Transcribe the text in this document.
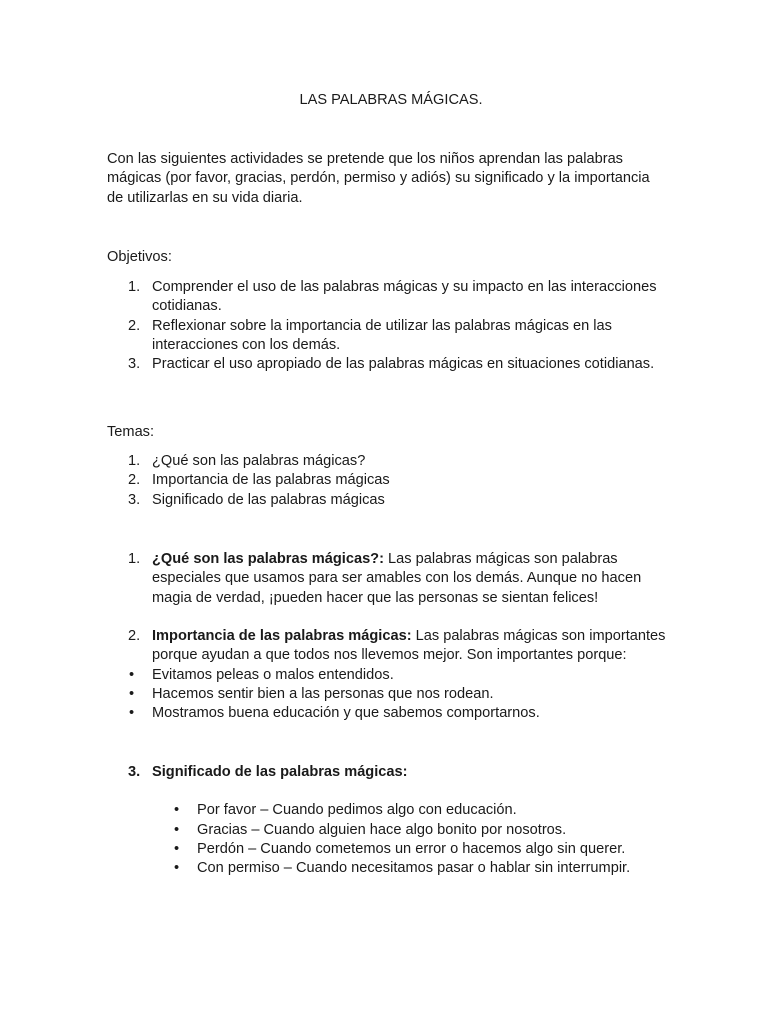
LAS PALABRAS MÁGICAS.

Con las siguientes actividades se pretende que los niños aprendan las palabras mágicas (por favor, gracias, perdón, permiso y adiós) su significado y la importancia de utilizarlas en su vida diaria.

Objetivos:

1. Comprender el uso de las palabras mágicas y su impacto en las interacciones cotidianas.
2. Reflexionar sobre la importancia de utilizar las palabras mágicas en las interacciones con los demás.
3. Practicar el uso apropiado de las palabras mágicas en situaciones cotidianas.

Temas:

1. ¿Qué son las palabras mágicas?
2. Importancia de las palabras mágicas
3. Significado de las palabras mágicas
1. ¿Qué son las palabras mágicas?: Las palabras mágicas son palabras especiales que usamos para ser amables con los demás. Aunque no hacen magia de verdad, ¡pueden hacer que las personas se sientan felices!
2. Importancia de las palabras mágicas: Las palabras mágicas son importantes porque ayudan a que todos nos llevemos mejor. Son importantes porque:
• Evitamos peleas o malos entendidos.
• Hacemos sentir bien a las personas que nos rodean.
• Mostramos buena educación y que sabemos comportarnos.
3. Significado de las palabras mágicas:
• Por favor – Cuando pedimos algo con educación.
• Gracias – Cuando alguien hace algo bonito por nosotros.
• Perdón – Cuando cometemos un error o hacemos algo sin querer.
• Con permiso – Cuando necesitamos pasar o hablar sin interrumpir.
